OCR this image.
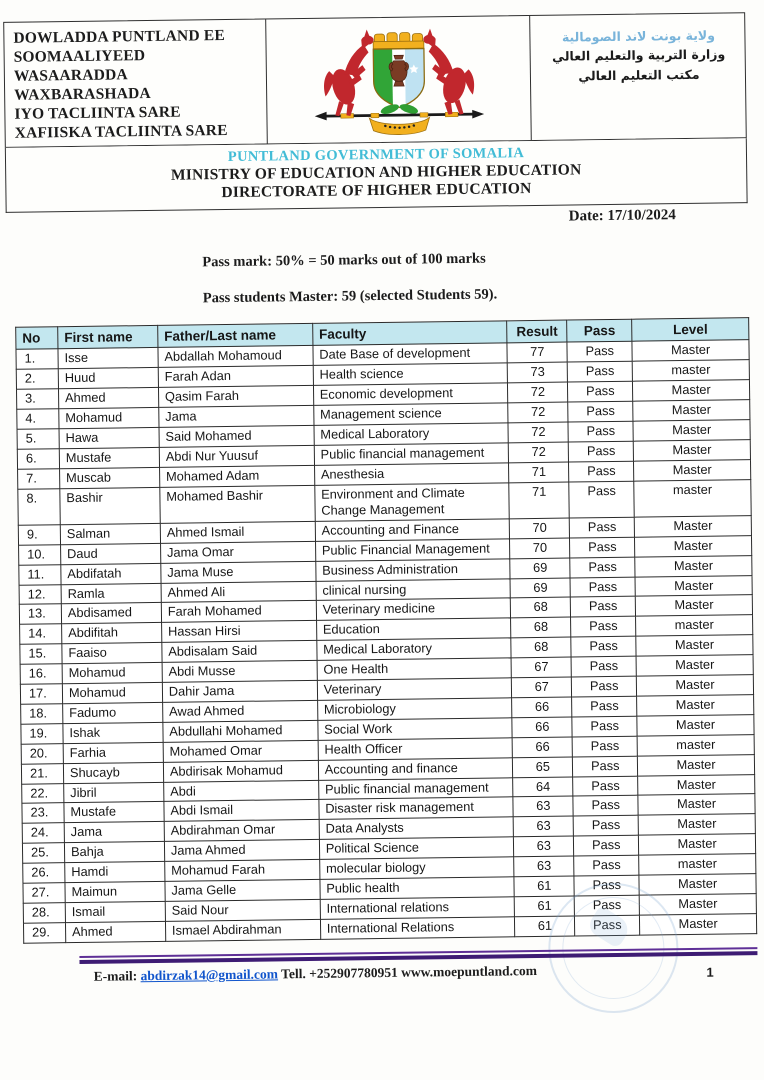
DOWLADDA PUNTLAND EE
SOOMAALIYEED
WASAARADDA WAXBARASHADA
IYO TACLIINTA SARE
XAFIISKA TACLIINTA SARE
ولاية بونت لاند الصومالية
وزارة التربية والتعليم العالي
مكتب التعليم العالي
PUNTLAND GOVERNMENT OF SOMALIA
MINISTRY OF EDUCATION AND HIGHER EDUCATION
DIRECTORATE OF HIGHER EDUCATION
Date: 17/10/2024

Pass mark: 50% = 50 marks out of 100 marks

Pass students Master: 59 (selected Students 59).

No	First name	Father/Last name	Faculty	Result	Pass	Level
1.	Isse	Abdallah Mohamoud	Date Base of development	77	Pass	Master
2.	Huud	Farah Adan	Health science	73	Pass	master
3.	Ahmed	Qasim Farah	Economic development	72	Pass	Master
4.	Mohamud	Jama	Management science	72	Pass	Master
5.	Hawa	Said Mohamed	Medical Laboratory	72	Pass	Master
6.	Mustafe	Abdi Nur Yuusuf	Public financial management	72	Pass	Master
7.	Muscab	Mohamed Adam	Anesthesia	71	Pass	Master
8.	Bashir	Mohamed Bashir	Environment and Climate Change Management	71	Pass	master
9.	Salman	Ahmed Ismail	Accounting and Finance	70	Pass	Master
10.	Daud	Jama Omar	Public Financial Management	70	Pass	Master
11.	Abdifatah	Jama Muse	Business Administration	69	Pass	Master
12.	Ramla	Ahmed Ali	clinical nursing	69	Pass	Master
13.	Abdisamed	Farah Mohamed	Veterinary medicine	68	Pass	Master
14.	Abdifitah	Hassan Hirsi	Education	68	Pass	master
15.	Faaiso	Abdisalam Said	Medical Laboratory	68	Pass	Master
16.	Mohamud	Abdi Musse	One Health	67	Pass	Master
17.	Mohamud	Dahir Jama	Veterinary	67	Pass	Master
18.	Fadumo	Awad Ahmed	Microbiology	66	Pass	Master
19.	Ishak	Abdullahi Mohamed	Social Work	66	Pass	Master
20.	Farhia	Mohamed Omar	Health Officer	66	Pass	master
21.	Shucayb	Abdirisak Mohamud	Accounting and finance	65	Pass	Master
22.	Jibril	Abdi	Public financial management	64	Pass	Master
23.	Mustafe	Abdi Ismail	Disaster risk management	63	Pass	Master
24.	Jama	Abdirahman Omar	Data Analysts	63	Pass	Master
25.	Bahja	Jama Ahmed	Political Science	63	Pass	Master
26.	Hamdi	Mohamud Farah	molecular biology	63	Pass	master
27.	Maimun	Jama Gelle	Public health	61	Pass	Master
28.	Ismail	Said Nour	International relations	61	Pass	Master
29.	Ahmed	Ismael Abdirahman	International Relations	61	Pass	Master
E-mail: abdirzak14@gmail.com Tell. +252907780951 www.moepuntland.com	1
